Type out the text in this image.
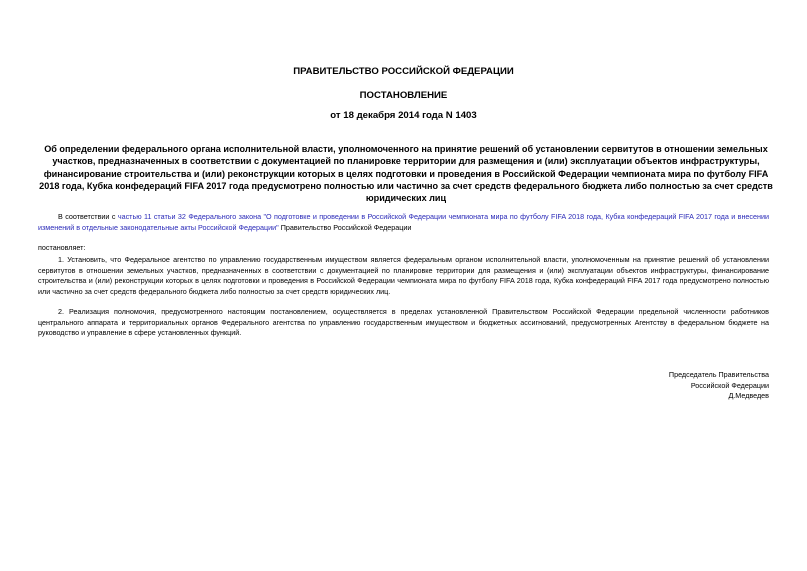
ПРАВИТЕЛЬСТВО РОССИЙСКОЙ ФЕДЕРАЦИИ
ПОСТАНОВЛЕНИЕ
от 18 декабря 2014 года N 1403
Об определении федерального органа исполнительной власти, уполномоченного на принятие решений об установлении сервитутов в отношении земельных участков, предназначенных в соответствии с документацией по планировке территории для размещения и (или) эксплуатации объектов инфраструктуры, финансирование строительства и (или) реконструкции которых в целях подготовки и проведения в Российской Федерации чемпионата мира по футболу FIFA 2018 года, Кубка конфедераций FIFA 2017 года предусмотрено полностью или частично за счет средств федерального бюджета либо полностью за счет средств юридических лиц
В соответствии с частью 11 статьи 32 Федерального закона "О подготовке и проведении в Российской Федерации чемпионата мира по футболу FIFA 2018 года, Кубка конфедераций FIFA 2017 года и внесении изменений в отдельные законодательные акты Российской Федерации" Правительство Российской Федерации
постановляет:
1. Установить, что Федеральное агентство по управлению государственным имуществом является федеральным органом исполнительной власти, уполномоченным на принятие решений об установлении сервитутов в отношении земельных участков, предназначенных в соответствии с документацией по планировке территории для размещения и (или) эксплуатации объектов инфраструктуры, финансирование строительства и (или) реконструкции которых в целях подготовки и проведения в Российской Федерации чемпионата мира по футболу FIFA 2018 года, Кубка конфедераций FIFA 2017 года предусмотрено полностью или частично за счет средств федерального бюджета либо полностью за счет средств юридических лиц.
2. Реализация полномочия, предусмотренного настоящим постановлением, осуществляется в пределах установленной Правительством Российской Федерации предельной численности работников центрального аппарата и территориальных органов Федерального агентства по управлению государственным имуществом и бюджетных ассигнований, предусмотренных Агентству в федеральном бюджете на руководство и управление в сфере установленных функций.
Председатель Правительства
Российской Федерации
Д.Медведев
